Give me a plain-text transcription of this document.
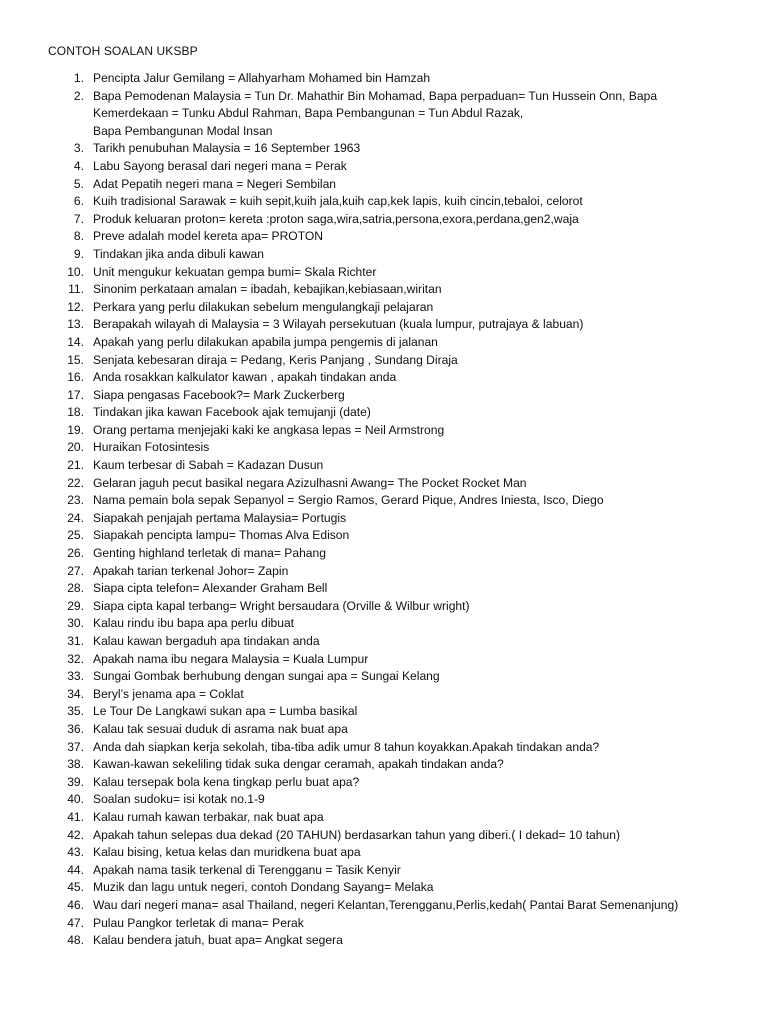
CONTOH SOALAN UKSBP
1. Pencipta Jalur Gemilang = Allahyarham Mohamed bin Hamzah
2. Bapa Pemodenan Malaysia = Tun Dr. Mahathir Bin Mohamad, Bapa perpaduan= Tun Hussein Onn, Bapa
Kemerdekaan = Tunku Abdul Rahman, Bapa Pembangunan = Tun Abdul Razak,
Bapa Pembangunan Modal Insan
3. Tarikh penubuhan Malaysia = 16 September 1963
4. Labu Sayong berasal dari negeri mana = Perak
5. Adat Pepatih negeri mana = Negeri Sembilan
6. Kuih tradisional Sarawak = kuih sepit,kuih jala,kuih cap,kek lapis, kuih cincin,tebaloi, celorot
7. Produk keluaran proton= kereta :proton saga,wira,satria,persona,exora,perdana,gen2,waja
8. Preve adalah model kereta apa= PROTON
9. Tindakan jika anda dibuli kawan
10. Unit mengukur kekuatan gempa bumi= Skala Richter
11. Sinonim perkataan amalan = ibadah, kebajikan,kebiasaan,wiritan
12. Perkara yang perlu dilakukan sebelum mengulangkaji pelajaran
13. Berapakah wilayah di Malaysia = 3 Wilayah persekutuan (kuala lumpur, putrajaya & labuan)
14. Apakah yang perlu dilakukan apabila jumpa pengemis di jalanan
15. Senjata kebesaran diraja = Pedang, Keris Panjang , Sundang Diraja
16. Anda rosakkan kalkulator kawan , apakah tindakan anda
17. Siapa pengasas Facebook?= Mark Zuckerberg
18. Tindakan jika kawan Facebook ajak temujanji (date)
19. Orang pertama menjejaki kaki ke angkasa lepas = Neil Armstrong
20. Huraikan Fotosintesis
21. Kaum terbesar di Sabah = Kadazan Dusun
22. Gelaran jaguh pecut basikal negara Azizulhasni Awang= The Pocket Rocket Man
23. Nama pemain bola sepak Sepanyol = Sergio Ramos, Gerard Pique, Andres Iniesta, Isco, Diego
24. Siapakah penjajah pertama Malaysia= Portugis
25. Siapakah pencipta lampu= Thomas Alva Edison
26. Genting highland terletak di mana= Pahang
27. Apakah tarian terkenal Johor= Zapin
28. Siapa cipta telefon= Alexander Graham Bell
29. Siapa cipta kapal terbang= Wright bersaudara (Orville & Wilbur wright)
30. Kalau rindu ibu bapa apa perlu dibuat
31. Kalau kawan bergaduh apa tindakan anda
32. Apakah nama ibu negara Malaysia = Kuala Lumpur
33. Sungai Gombak berhubung dengan sungai apa = Sungai Kelang
34. Beryl’s jenama apa = Coklat
35. Le Tour De Langkawi sukan apa = Lumba basikal
36. Kalau tak sesuai duduk di asrama nak buat apa
37. Anda dah siapkan kerja sekolah, tiba-tiba adik umur 8 tahun koyakkan.Apakah tindakan anda?
38. Kawan-kawan sekeliling tidak suka dengar ceramah, apakah tindakan anda?
39. Kalau tersepak bola kena tingkap perlu buat apa?
40. Soalan sudoku= isi kotak no.1-9
41. Kalau rumah kawan terbakar, nak buat apa
42. Apakah tahun selepas dua dekad (20 TAHUN) berdasarkan tahun yang diberi.( I dekad= 10 tahun)
43. Kalau bising, ketua kelas dan muridkena buat apa
44. Apakah nama tasik terkenal di Terengganu = Tasik Kenyir
45. Muzik dan lagu untuk negeri, contoh Dondang Sayang= Melaka
46. Wau dari negeri mana= asal Thailand, negeri Kelantan,Terengganu,Perlis,kedah( Pantai Barat Semenanjung)
47. Pulau Pangkor terletak di mana= Perak
48. Kalau bendera jatuh, buat apa= Angkat segera
